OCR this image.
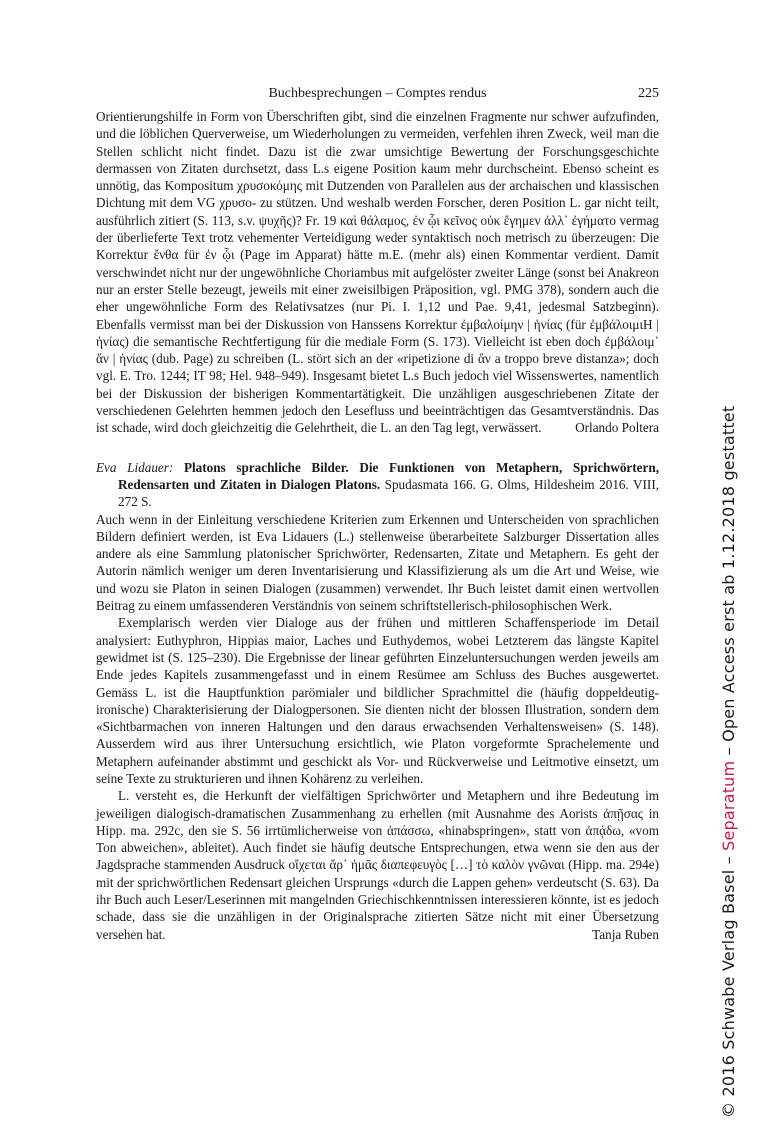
Buchbesprechungen – Comptes rendus	225

Orientierungshilfe in Form von Überschriften gibt, sind die einzelnen Fragmente nur schwer aufzufinden, und die löblichen Querverweise, um Wiederholungen zu vermeiden, verfehlen ihren Zweck, weil man die Stellen schlicht nicht findet. Dazu ist die zwar umsichtige Bewertung der Forschungsgeschichte dermassen von Zitaten durchsetzt, dass L.s eigene Position kaum mehr durchscheint. Ebenso scheint es unnötig, das Kompositum χρυσοκόμης mit Dutzenden von Parallelen aus der archaischen und klassischen Dichtung mit dem VG χρυσο- zu stützen. Und weshalb werden Forscher, deren Position L. gar nicht teilt, ausführlich zitiert (S. 113, s.v. ψυχῆς)? Fr. 19 καὶ θάλαμος, ἐν ᾧι κεῖνος οὐκ ἔγημεν ἀλλ᾽ ἐγήματο vermag der überlieferte Text trotz vehementer Verteidigung weder syntaktisch noch metrisch zu überzeugen: Die Korrektur ἔνθα für ἐν ᾧι (Page im Apparat) hätte m.E. (mehr als) einen Kommentar verdient. Damit verschwindet nicht nur der ungewöhnliche Choriambus mit aufgelöster zweiter Länge (sonst bei Anakreon nur an erster Stelle bezeugt, jeweils mit einer zweisilbigen Präposition, vgl. PMG 378), sondern auch die eher ungewöhnliche Form des Relativsatzes (nur Pi. I. 1,12 und Pae. 9,41, jedesmal Satzbeginn). Ebenfalls vermisst man bei der Diskussion von Hanssens Korrektur ἐμβαλοίμην | ἡνίας (für ἐμβάλοιμιH | ἡνίας) die semantische Rechtfertigung für die mediale Form (S. 173). Vielleicht ist eben doch ἐμβάλοιμ᾽ ἄν | ἡνίας (dub. Page) zu schreiben (L. stört sich an der «ripetizione di ἄν a troppo breve distanza»; doch vgl. E. Tro. 1244; IT 98; Hel. 948–949). Insgesamt bietet L.s Buch jedoch viel Wissenswertes, namentlich bei der Diskussion der bisherigen Kommentartätigkeit. Die unzähligen ausgeschriebenen Zitate der verschiedenen Gelehrten hemmen jedoch den Lesefluss und beeinträchtigen das Gesamtverständnis. Das ist schade, wird doch gleichzeitig die Gelehrtheit, die L. an den Tag legt, verwässert.	Orlando Poltera

Eva Lidauer: Platons sprachliche Bilder. Die Funktionen von Metaphern, Sprichwörtern, Redensarten und Zitaten in Dialogen Platons. Spudasmata 166. G. Olms, Hildesheim 2016. VIII, 272 S.

Auch wenn in der Einleitung verschiedene Kriterien zum Erkennen und Unterscheiden von sprachlichen Bildern definiert werden, ist Eva Lidauers (L.) stellenweise überarbeitete Salzburger Dissertation alles andere als eine Sammlung platonischer Sprichwörter, Redensarten, Zitate und Metaphern. Es geht der Autorin nämlich weniger um deren Inventarisierung und Klassifizierung als um die Art und Weise, wie und wozu sie Platon in seinen Dialogen (zusammen) verwendet. Ihr Buch leistet damit einen wertvollen Beitrag zu einem umfassenderen Verständnis von seinem schriftstellerisch-philosophischen Werk.

Exemplarisch werden vier Dialoge aus der frühen und mittleren Schaffensperiode im Detail analysiert: Euthyphron, Hippias maior, Laches und Euthydemos, wobei Letzterem das längste Kapitel gewidmet ist (S. 125–230). Die Ergebnisse der linear geführten Einzeluntersuchungen werden jeweils am Ende jedes Kapitels zusammengefasst und in einem Resümee am Schluss des Buches ausgewertet. Gemäss L. ist die Hauptfunktion parömialer und bildlicher Sprachmittel die (häufig doppeldeutig-ironische) Charakterisierung der Dialogpersonen. Sie dienten nicht der blossen Illustration, sondern dem «Sichtbarmachen von inneren Haltungen und den daraus erwachsenden Verhaltensweisen» (S. 148). Ausserdem wird aus ihrer Untersuchung ersichtlich, wie Platon vorgeformte Sprachelemente und Metaphern aufeinander abstimmt und geschickt als Vor- und Rückverweise und Leitmotive einsetzt, um seine Texte zu strukturieren und ihnen Kohärenz zu verleihen.

L. versteht es, die Herkunft der vielfältigen Sprichwörter und Metaphern und ihre Bedeutung im jeweiligen dialogisch-dramatischen Zusammenhang zu erhellen (mit Ausnahme des Aorists ἀπῇσας in Hipp. ma. 292c, den sie S. 56 irrtümlicherweise von ἀπάσσω, «hinabspringen», statt von ἀπᾴδω, «vom Ton abweichen», ableitet). Auch findet sie häufig deutsche Entsprechungen, etwa wenn sie den aus der Jagdsprache stammenden Ausdruck οἴχεται ἄρ᾽ ἡμᾶς διαπεφευγὸς […] τὸ καλὸν γνῶναι (Hipp. ma. 294e) mit der sprichwörtlichen Redensart gleichen Ursprungs «durch die Lappen gehen» verdeutscht (S. 63). Da ihr Buch auch Leser/Leserinnen mit mangelnden Griechischkenntnissen interessieren könnte, ist es jedoch schade, dass sie die unzähligen in der Originalsprache zitierten Sätze nicht mit einer Übersetzung versehen hat.	Tanja Ruben	© 2016 Schwabe Verlag Basel – Separatum – Open Access erst ab 1.12.2018 gestattet
